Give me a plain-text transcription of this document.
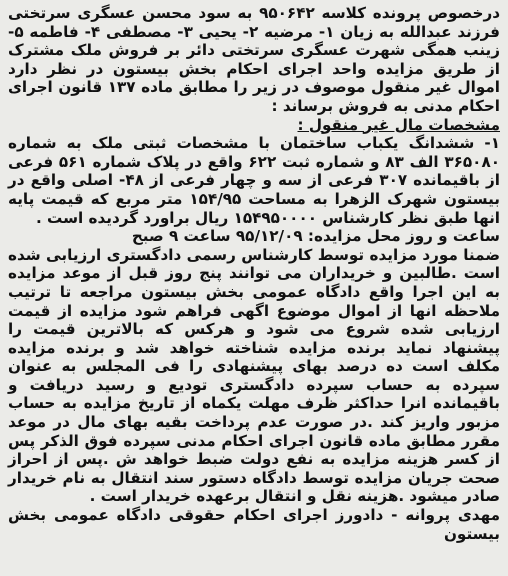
درخصوص پرونده کلاسه ۹۵۰۶۴۲ به سود محسن عسگری سرتختی فرزند عبدالله به زیان ۱- مرضیه ۲- یحیی ۳- مصطفی ۴- فاطمه ۵- زینب همگی شهرت عسگری سرتختی دائر بر فروش ملک مشترک از طریق مزایده واحد اجرای احکام بخش بیستون در نظر دارد اموال غیر منقول موصوف در زیر را مطابق ماده ۱۳۷ قانون اجرای احکام مدنی به فروش برساند :

مشخصات مال غیر منقول :

۱- ششدانگ یکباب ساختمان با مشخصات ثبتی ملک به شماره ۳۶۵۰۸۰ الف ۸۳ و شماره ثبت ۶۲۲ واقع در پلاک شماره ۵۶۱ فرعی از باقیمانده ۳۰۷ فرعی از سه و چهار فرعی از ۴۸- اصلی واقع در بیستون شهرک الزهرا به مساحت ۱۵۴/۹۵ متر مربع که قیمت پایه انها طبق نظر کارشناس ۱۵۴۹۵۰۰۰۰ ریال براورد گردیده است .

ساعت و روز محل مزایده: ۹۵/۱۲/۰۹ ساعت ۹ صبح

ضمنا مورد مزایده توسط کارشناس رسمی دادگستری ارزیابی شده است .طالبین و خریداران می توانند پنج روز قبل از موعد مزایده به این اجرا واقع دادگاه عمومی بخش بیستون مراجعه تا ترتیب ملاحظه انها از اموال موضوع اگهی فراهم شود مزایده از قیمت ارزیابی شده شروع می شود و هرکس که بالاترین قیمت را پیشنهاد نماید برنده مزایده شناخته خواهد شد و برنده مزایده مکلف است ده درصد بهای پیشنهادی را فی المجلس به عنوان سپرده به حساب سپرده دادگستری تودیع و رسید دریافت و باقیمانده انرا حداکثر ظرف مهلت یکماه از تاریخ مزایده به حساب مزبور واریز کند .در صورت عدم پرداخت بقیه بهای مال در موعد مقرر مطابق ماده قانون اجرای احکام مدنی سپرده فوق الذکر پس از کسر هزینه مزایده به نفع دولت ضبط خواهد ش .پس از احراز صحت جریان مزایده توسط دادگاه دستور سند انتقال به نام خریدار صادر میشود .هزینه نقل و انتقال برعهده خریدار است .

مهدی پروانه - دادورز اجرای احکام حقوقی دادگاه عمومی بخش بیستون
